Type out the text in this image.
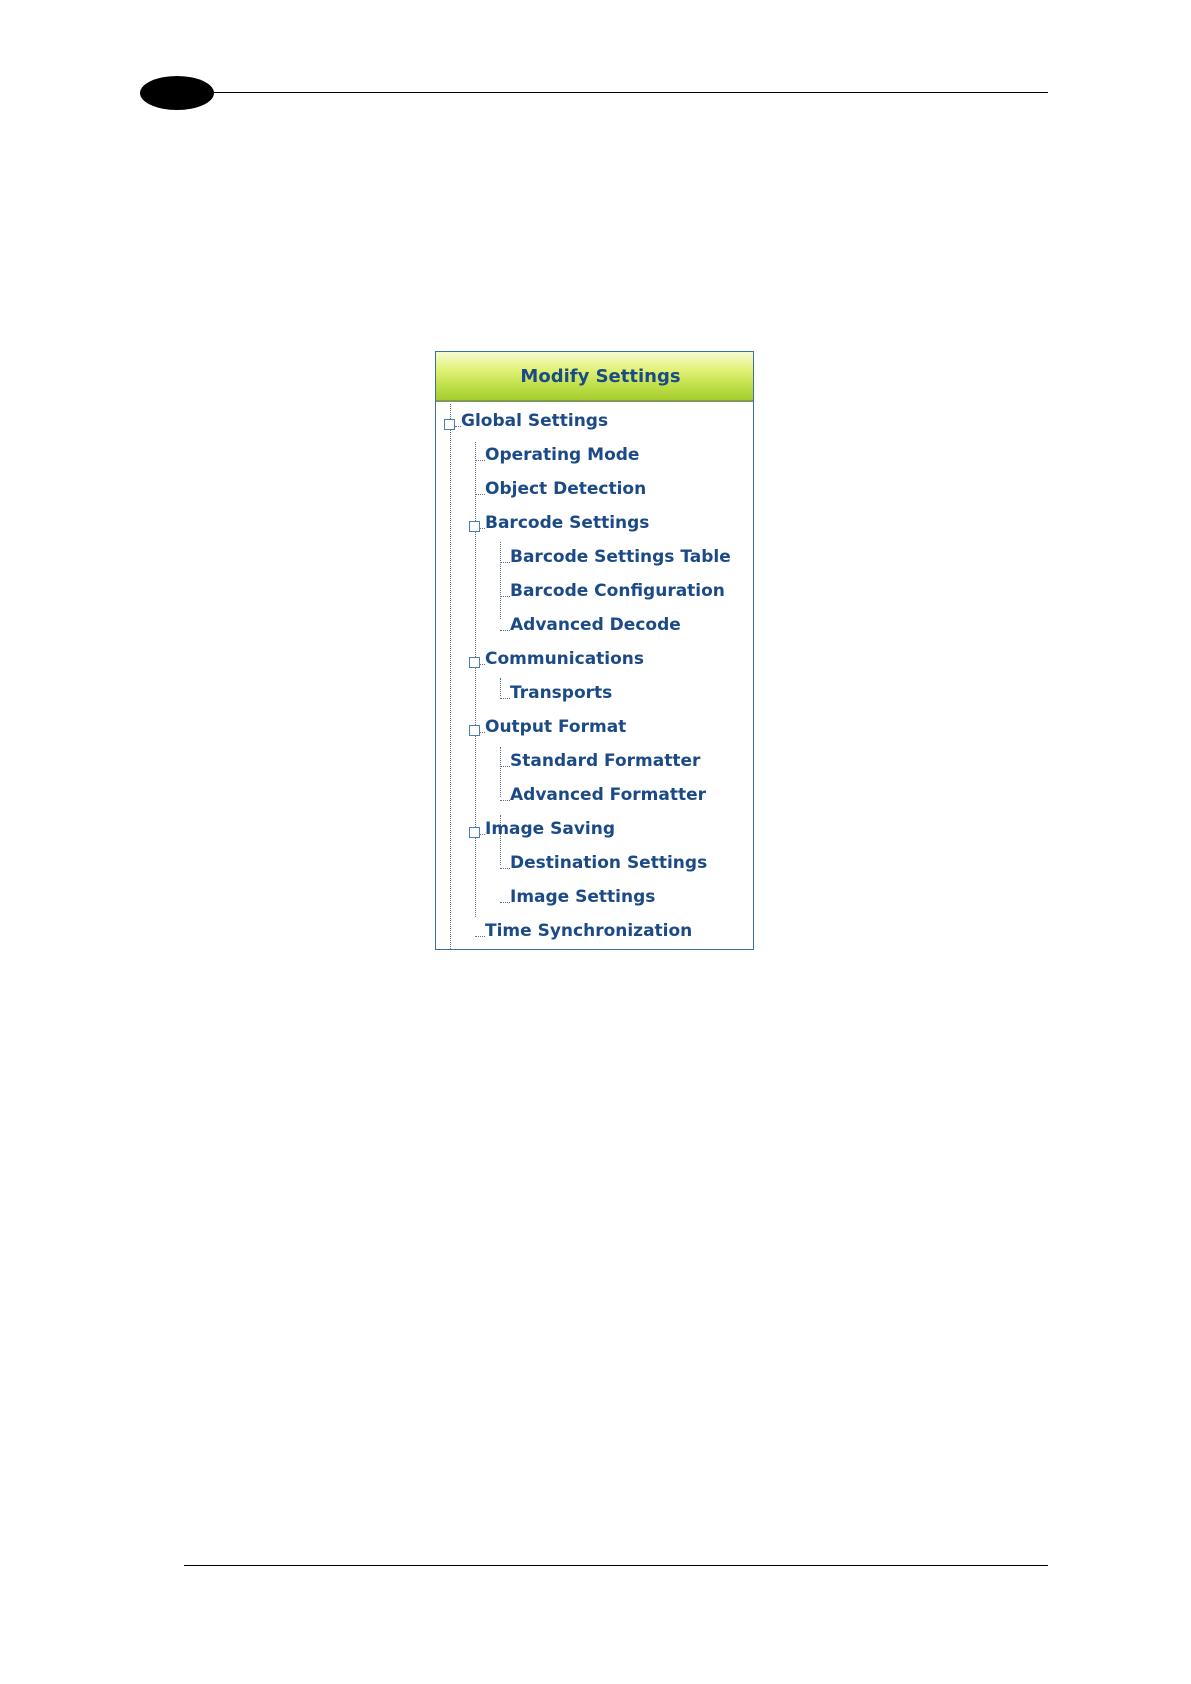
Modify Settings
Global Settings
Operating Mode
Object Detection
Barcode Settings
Barcode Settings Table
Barcode Configuration
Advanced Decode
Communications
Transports
Output Format
Standard Formatter
Advanced Formatter
Image Saving
Destination Settings
Image Settings
Time Synchronization
